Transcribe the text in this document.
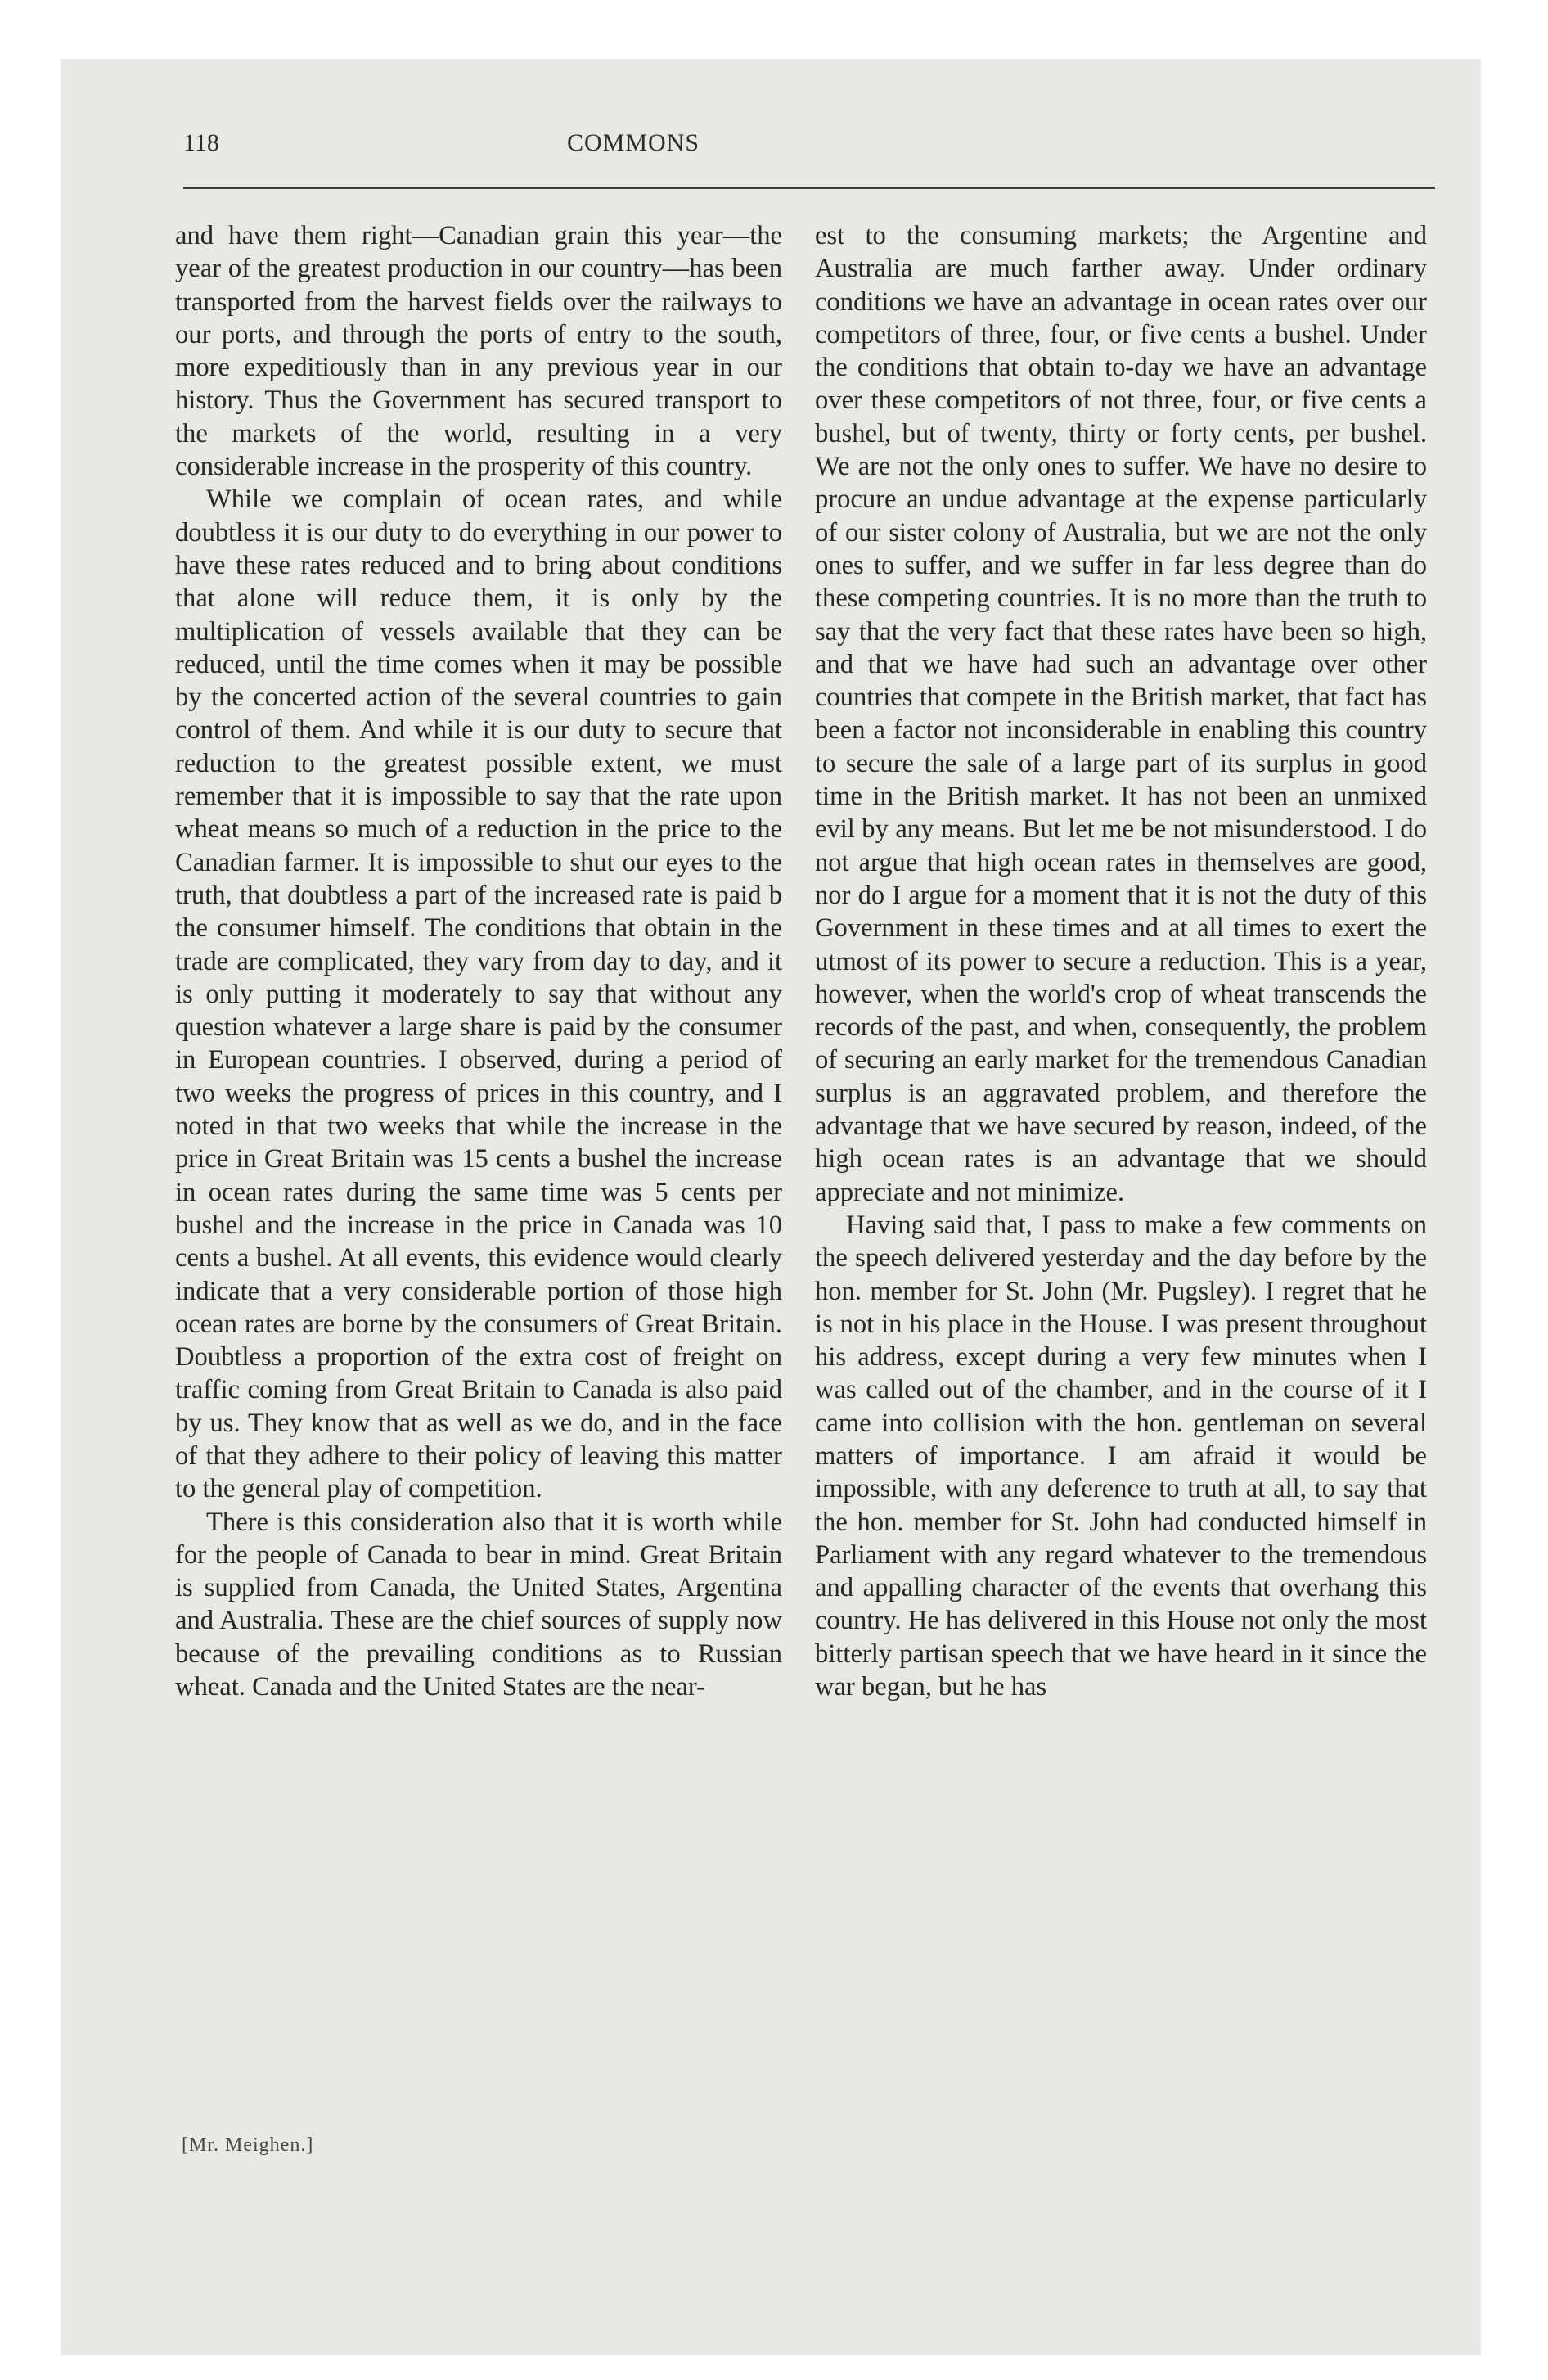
118	COMMONS

and have them right—Canadian grain this year—the year of the greatest production in our country—has been transported from the harvest fields over the railways to our ports, and through the ports of entry to the south, more expeditiously than in any previous year in our history. Thus the Government has secured transport to the markets of the world, resulting in a very considerable increase in the prosperity of this country.

While we complain of ocean rates, and while doubtless it is our duty to do everything in our power to have these rates reduced and to bring about conditions that alone will reduce them, it is only by the multiplication of vessels available that they can be reduced, until the time comes when it may be possible by the concerted action of the several countries to gain control of them. And while it is our duty to secure that reduction to the greatest possible extent, we must remember that it is impossible to say that the rate upon wheat means so much of a reduction in the price to the Canadian farmer. It is impossible to shut our eyes to the truth, that doubtless a part of the increased rate is paid b the consumer himself. The conditions that obtain in the trade are complicated, they vary from day to day, and it is only putting it moderately to say that without any question whatever a large share is paid by the consumer in European countries. I observed, during a period of two weeks the progress of prices in this country, and I noted in that two weeks that while the increase in the price in Great Britain was 15 cents a bushel the increase in ocean rates during the same time was 5 cents per bushel and the increase in the price in Canada was 10 cents a bushel. At all events, this evidence would clearly indicate that a very considerable portion of those high ocean rates are borne by the consumers of Great Britain. Doubtless a proportion of the extra cost of freight on traffic coming from Great Britain to Canada is also paid by us. They know that as well as we do, and in the face of that they adhere to their policy of leaving this matter to the general play of competition.

There is this consideration also that it is worth while for the people of Canada to bear in mind. Great Britain is supplied from Canada, the United States, Argentina and Australia. These are the chief sources of supply now because of the prevailing conditions as to Russian wheat. Canada and the United States are the near-

est to the consuming markets; the Argentine and Australia are much farther away. Under ordinary conditions we have an advantage in ocean rates over our competitors of three, four, or five cents a bushel. Under the conditions that obtain to-day we have an advantage over these competitors of not three, four, or five cents a bushel, but of twenty, thirty or forty cents, per bushel. We are not the only ones to suffer. We have no desire to procure an undue advantage at the expense particularly of our sister colony of Australia, but we are not the only ones to suffer, and we suffer in far less degree than do these competing countries. It is no more than the truth to say that the very fact that these rates have been so high, and that we have had such an advantage over other countries that compete in the British market, that fact has been a factor not inconsiderable in enabling this country to secure the sale of a large part of its surplus in good time in the British market. It has not been an unmixed evil by any means. But let me be not misunderstood. I do not argue that high ocean rates in themselves are good, nor do I argue for a moment that it is not the duty of this Government in these times and at all times to exert the utmost of its power to secure a reduction. This is a year, however, when the world's crop of wheat transcends the records of the past, and when, consequently, the problem of securing an early market for the tremendous Canadian surplus is an aggravated problem, and therefore the advantage that we have secured by reason, indeed, of the high ocean rates is an advantage that we should appreciate and not minimize.

Having said that, I pass to make a few comments on the speech delivered yesterday and the day before by the hon. member for St. John (Mr. Pugsley). I regret that he is not in his place in the House. I was present throughout his address, except during a very few minutes when I was called out of the chamber, and in the course of it I came into collision with the hon. gentleman on several matters of importance. I am afraid it would be impossible, with any deference to truth at all, to say that the hon. member for St. John had conducted himself in Parliament with any regard whatever to the tremendous and appalling character of the events that overhang this country. He has delivered in this House not only the most bitterly partisan speech that we have heard in it since the war began, but he has

[Mr. Meighen.]
